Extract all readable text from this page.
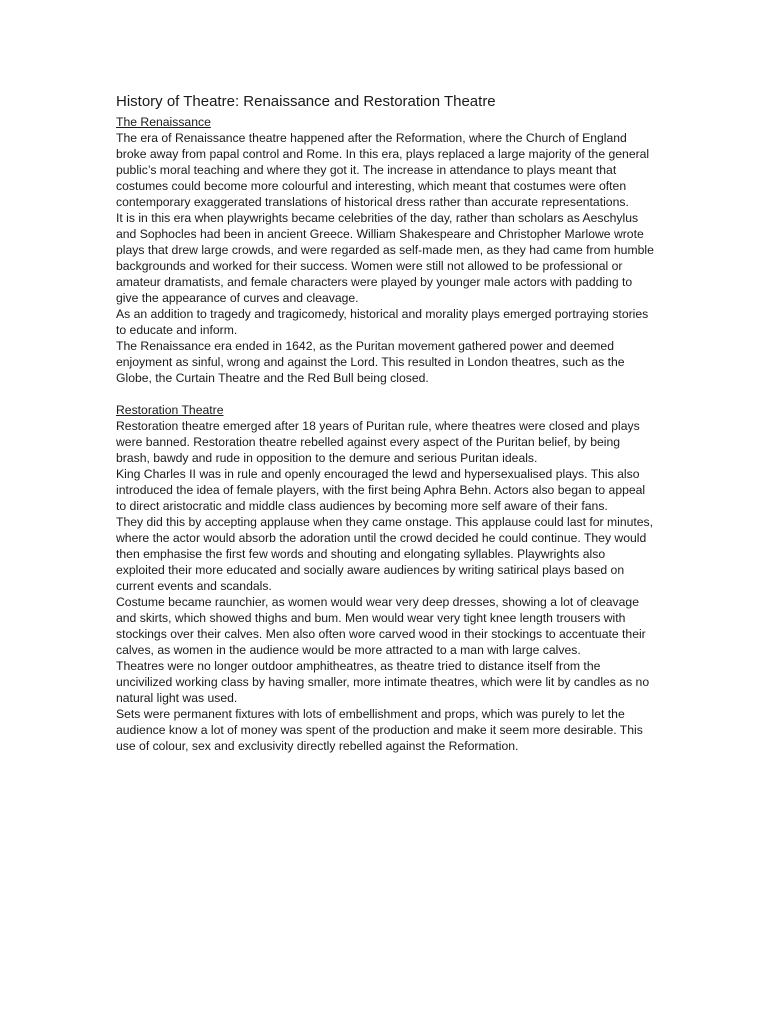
History of Theatre: Renaissance and Restoration Theatre
The Renaissance

The era of Renaissance theatre happened after the Reformation, where the Church of England broke away from papal control and Rome. In this era, plays replaced a large majority of the general public’s moral teaching and where they got it. The increase in attendance to plays meant that costumes could become more colourful and interesting, which meant that costumes were often contemporary exaggerated translations of historical dress rather than accurate representations.

It is in this era when playwrights became celebrities of the day, rather than scholars as Aeschylus and Sophocles had been in ancient Greece. William Shakespeare and Christopher Marlowe wrote plays that drew large crowds, and were regarded as self-made men, as they had came from humble backgrounds and worked for their success. Women were still not allowed to be professional or amateur dramatists, and female characters were played by younger male actors with padding to give the appearance of curves and cleavage.

As an addition to tragedy and tragicomedy, historical and morality plays emerged portraying stories to educate and inform.

The Renaissance era ended in 1642, as the Puritan movement gathered power and deemed enjoyment as sinful, wrong and against the Lord. This resulted in London theatres, such as the Globe, the Curtain Theatre and the Red Bull being closed.

Restoration Theatre

Restoration theatre emerged after 18 years of Puritan rule, where theatres were closed and plays were banned. Restoration theatre rebelled against every aspect of the Puritan belief, by being brash, bawdy and rude in opposition to the demure and serious Puritan ideals.

King Charles II was in rule and openly encouraged the lewd and hypersexualised plays. This also introduced the idea of female players, with the first being Aphra Behn. Actors also began to appeal to direct aristocratic and middle class audiences by becoming more self aware of their fans.

They did this by accepting applause when they came onstage. This applause could last for minutes, where the actor would absorb the adoration until the crowd decided he could continue. They would then emphasise the first few words and shouting and elongating syllables. Playwrights also exploited their more educated and socially aware audiences by writing satirical plays based on current events and scandals.

Costume became raunchier, as women would wear very deep dresses, showing a lot of cleavage and skirts, which showed thighs and bum. Men would wear very tight knee length trousers with stockings over their calves. Men also often wore carved wood in their stockings to accentuate their calves, as women in the audience would be more attracted to a man with large calves.

Theatres were no longer outdoor amphitheatres, as theatre tried to distance itself from the uncivilized working class by having smaller, more intimate theatres, which were lit by candles as no natural light was used.

Sets were permanent fixtures with lots of embellishment and props, which was purely to let the audience know a lot of money was spent of the production and make it seem more desirable. This use of colour, sex and exclusivity directly rebelled against the Reformation.
